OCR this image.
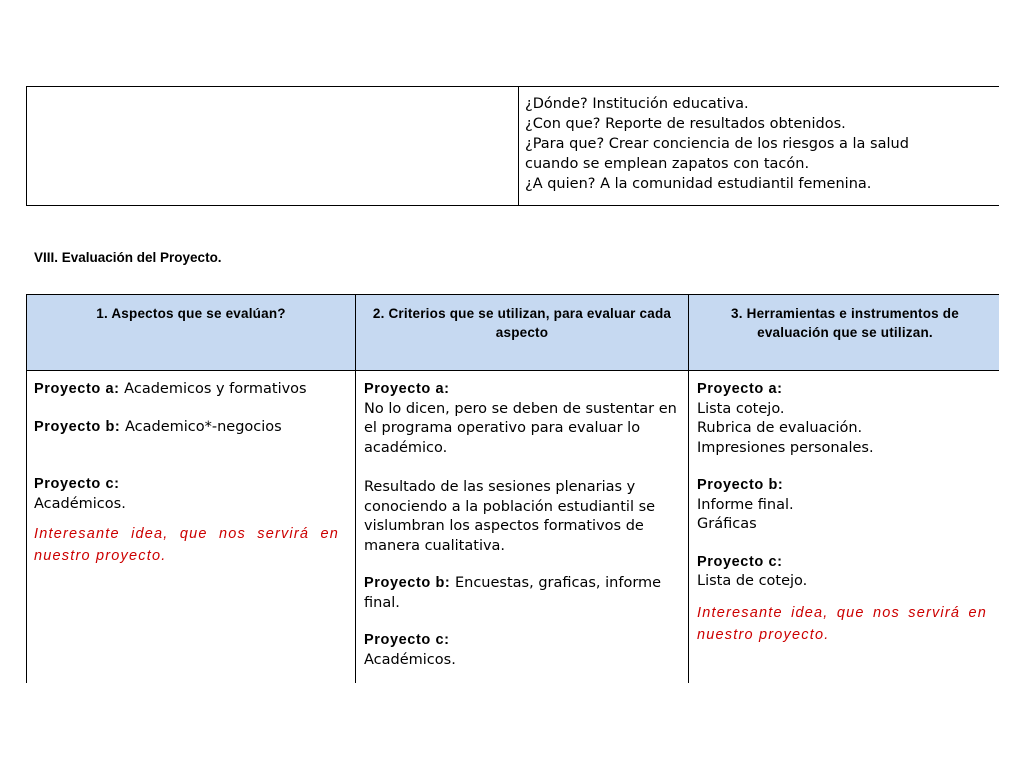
¿Dónde? Institución educativa.
¿Con que? Reporte de resultados obtenidos.
¿Para que? Crear conciencia de los riesgos a la salud
cuando se emplean zapatos con tacón.
¿A quien? A la comunidad estudiantil femenina.
VIII. Evaluación del Proyecto.
1. Aspectos que se evalúan?	2. Criterios que se utilizan, para evaluar cada aspecto
3. Herramientas e instrumentos de evaluación que se utilizan.

Proyecto a: Academicos y formativos

Proyecto b: Academico*-negocios

Proyecto c:

Académicos.

Interesante idea, que nos servirá en nuestro proyecto.

Proyecto a:

No lo dicen, pero se deben de sustentar en el programa operativo para evaluar lo académico.

Resultado de las sesiones plenarias y conociendo a la población estudiantil se vislumbran los aspectos formativos de manera cualitativa.

Proyecto b: Encuestas, graficas, informe final.

Proyecto c:

Académicos.

Proyecto a:

Lista cotejo.

Rubrica de evaluación.

Impresiones personales.

Proyecto b:

Informe final.

Gráficas

Proyecto c:

Lista de cotejo.

Interesante idea, que nos servirá en nuestro proyecto.
